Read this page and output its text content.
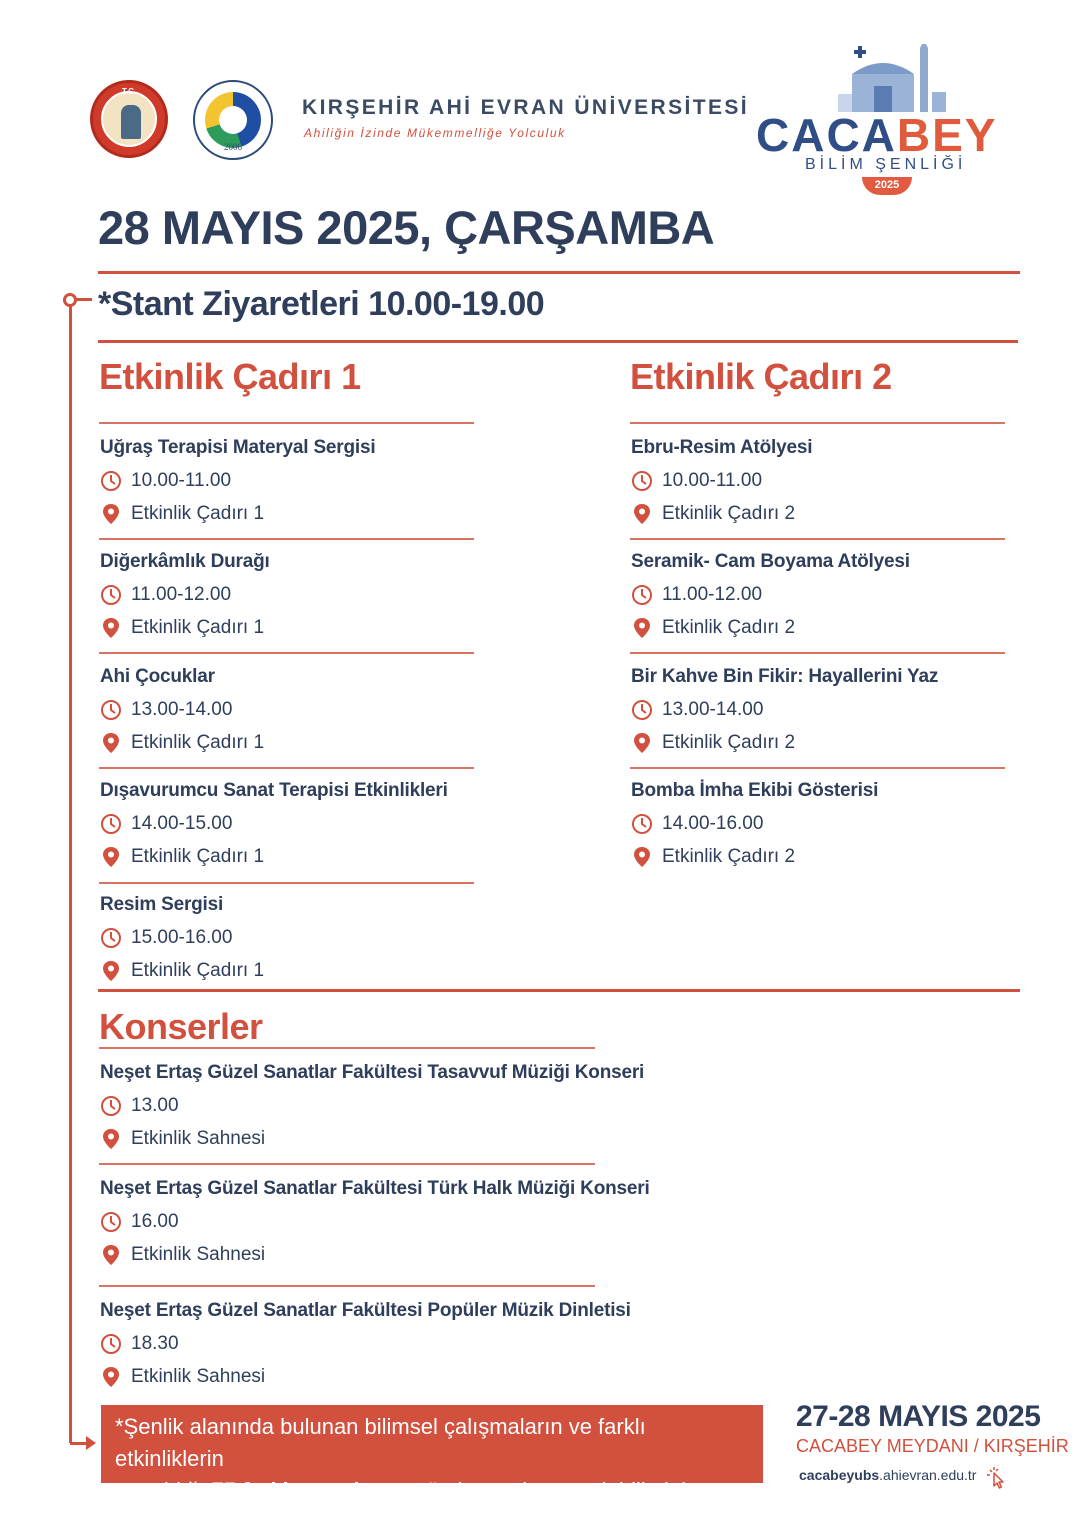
T.C.
2006
KIRŞEHİR AHİ EVRAN ÜNİVERSİTESİ
Ahiliğin İzinde Mükemmelliğe Yolculuk	CACABEY
BİLİM ŞENLİĞİ
2025
28 MAYIS 2025, ÇARŞAMBA
*Stant Ziyaretleri 10.00-19.00
Etkinlik Çadırı 1
Uğraş Terapisi Materyal Sergisi
10.00-11.00
Etkinlik Çadırı 1
Diğerkâmlık Durağı
11.00-12.00
Etkinlik Çadırı 1
Ahi Çocuklar
13.00-14.00
Etkinlik Çadırı 1
Dışavurumcu Sanat Terapisi Etkinlikleri
14.00-15.00
Etkinlik Çadırı 1
Resim Sergisi
15.00-16.00
Etkinlik Çadırı 1
Etkinlik Çadırı 2
Ebru-Resim Atölyesi
10.00-11.00
Etkinlik Çadırı 2
Seramik- Cam Boyama Atölyesi
11.00-12.00
Etkinlik Çadırı 2
Bir Kahve Bin Fikir: Hayallerini Yaz
13.00-14.00
Etkinlik Çadırı 2
Bomba İmha Ekibi Gösterisi
14.00-16.00
Etkinlik Çadırı 2
Konserler
Neşet Ertaş Güzel Sanatlar Fakültesi Tasavvuf Müziği Konseri
13.00
Etkinlik Sahnesi
Neşet Ertaş Güzel Sanatlar Fakültesi Türk Halk Müziği Konseri
16.00
Etkinlik Sahnesi
Neşet Ertaş Güzel Sanatlar Fakültesi Popüler Müzik Dinletisi
18.30
Etkinlik Sahnesi
*Şenlik alanında bulunan bilimsel çalışmaların ve farklı etkinliklerin
yer aldığı 75 farklı standımızı gün boyu ziyaret edebilirsiniz.
27-28 MAYIS 2025
CACABEY MEYDANI / KIRŞEHİR
cacabeyubs.ahievran.edu.tr
